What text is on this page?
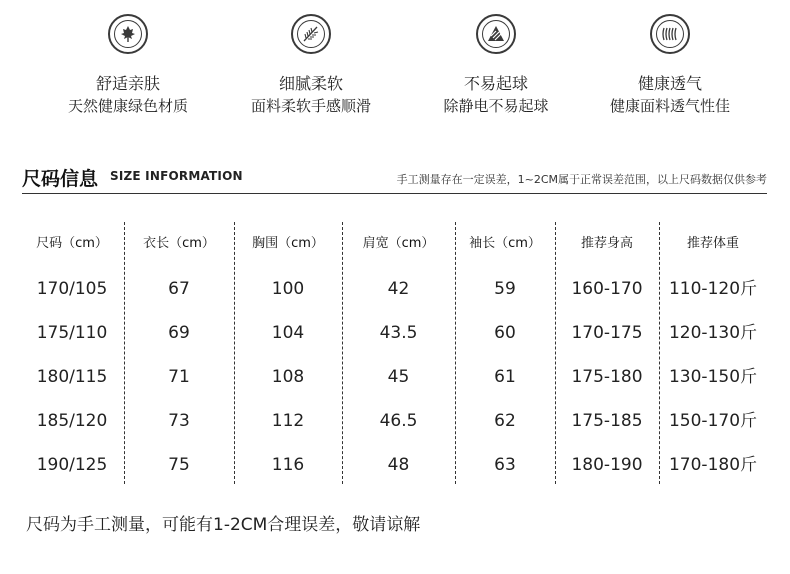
舒适亲肤
天然健康绿色材质
细腻柔软
面料柔软手感顺滑
不易起球
除静电不易起球
健康透气
健康面料透气性佳
尺码信息 SIZE INFORMATION	手工测量存在一定误差，1~2CM属于正常误差范围，以上尺码数据仅供参考
尺码（cm）	衣长（cm）	胸围（cm）	肩宽（cm）	袖长（cm）	推荐身高	推荐体重
170/105	67	100	42	59	160-170	110-120斤
175/110	69	104	43.5	60	170-175	120-130斤
180/115	71	108	45	61	175-180	130-150斤
185/120	73	112	46.5	62	175-185	150-170斤
190/125	75	116	48	63	180-190	170-180斤
尺码为手工测量，可能有1-2CM合理误差，敬请谅解
